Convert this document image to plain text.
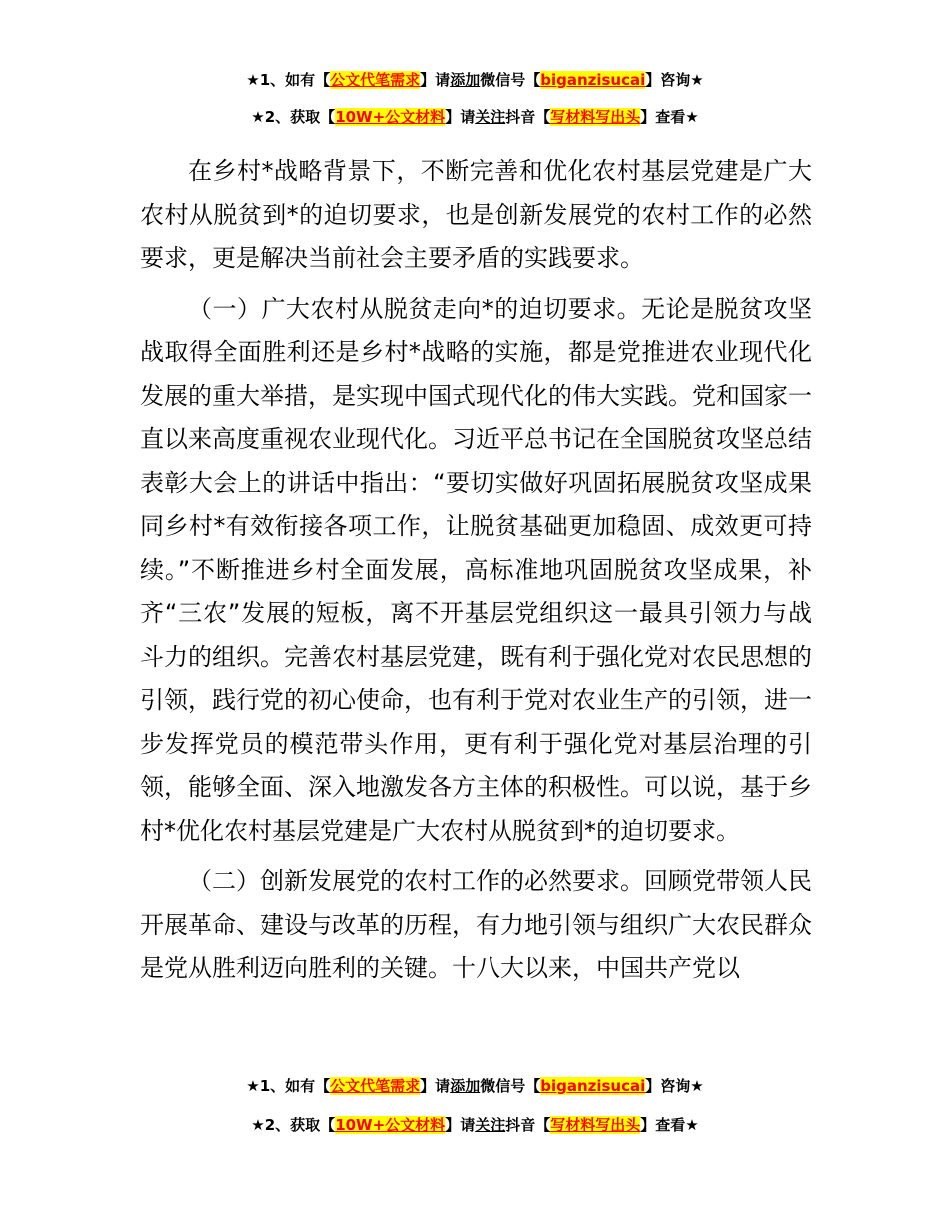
★1、如有【公文代笔需求】请添加微信号【biganzisucai】咨询★
★2、获取【10W+公文材料】请关注抖音【写材料写出头】查看★

在乡村*战略背景下，不断完善和优化农村基层党建是广大农村从脱贫到*的迫切要求，也是创新发展党的农村工作的必然要求，更是解决当前社会主要矛盾的实践要求。

（一）广大农村从脱贫走向*的迫切要求。无论是脱贫攻坚战取得全面胜利还是乡村*战略的实施，都是党推进农业现代化发展的重大举措，是实现中国式现代化的伟大实践。党和国家一直以来高度重视农业现代化。习近平总书记在全国脱贫攻坚总结表彰大会上的讲话中指出：“要切实做好巩固拓展脱贫攻坚成果同乡村*有效衔接各项工作，让脱贫基础更加稳固、成效更可持续。”不断推进乡村全面发展，高标准地巩固脱贫攻坚成果，补齐“三农”发展的短板，离不开基层党组织这一最具引领力与战斗力的组织。完善农村基层党建，既有利于强化党对农民思想的引领，践行党的初心使命，也有利于党对农业生产的引领，进一步发挥党员的模范带头作用，更有利于强化党对基层治理的引领，能够全面、深入地激发各方主体的积极性。可以说，基于乡村*优化农村基层党建是广大农村从脱贫到*的迫切要求。

（二）创新发展党的农村工作的必然要求。回顾党带领人民开展革命、建设与改革的历程，有力地引领与组织广大农民群众是党从胜利迈向胜利的关键。十八大以来，中国共产党以

★1、如有【公文代笔需求】请添加微信号【biganzisucai】咨询★
★2、获取【10W+公文材料】请关注抖音【写材料写出头】查看★
